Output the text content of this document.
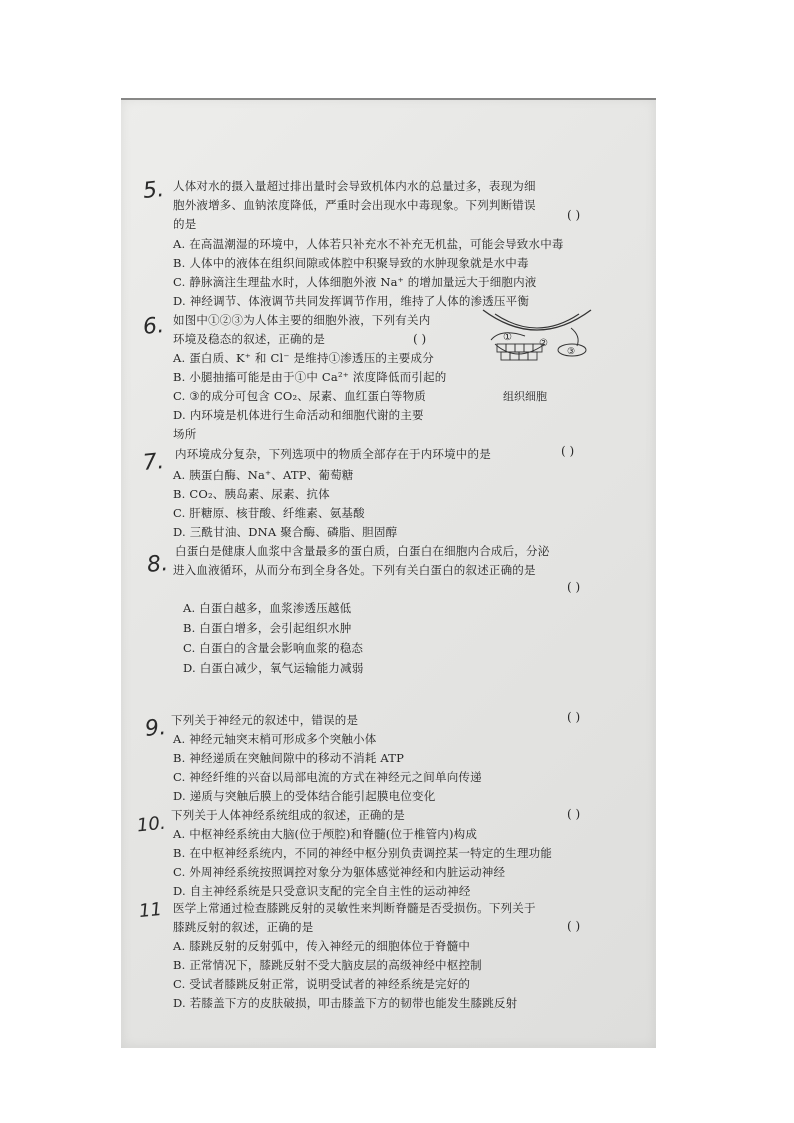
5. 人体对水的摄入量超过排出量时会导致机体内水的总量过多，表现为细
胞外液增多、血钠浓度降低，严重时会出现水中毒现象。下列判断错误
的是
( )
A. 在高温潮湿的环境中，人体若只补充水不补充无机盐，可能会导致水中毒
B. 人体中的液体在组织间隙或体腔中积聚导致的水肿现象就是水中毒
C. 静脉滴注生理盐水时，人体细胞外液 Na⁺ 的增加量远大于细胞内液
D. 神经调节、体液调节共同发挥调节作用，维持了人体的渗透压平衡
6. 如图中①②③为人体主要的细胞外液，下列有关内
环境及稳态的叙述，正确的是	( )
A. 蛋白质、K⁺ 和 Cl⁻ 是维持①渗透压的主要成分
B. 小腿抽搐可能是由于①中 Ca²⁺ 浓度降低而引起的
C. ③的成分可包含 CO₂、尿素、血红蛋白等物质
D. 内环境是机体进行生命活动和细胞代谢的主要
场所
①
②
③
组织细胞
7. 内环境成分复杂，下列选项中的物质全部存在于内环境中的是	( )
A. 胰蛋白酶、Na⁺、ATP、葡萄糖
B. CO₂、胰岛素、尿素、抗体
C. 肝糖原、核苷酸、纤维素、氨基酸
D. 三酰甘油、DNA 聚合酶、磷脂、胆固醇
8. 白蛋白是健康人血浆中含量最多的蛋白质，白蛋白在细胞内合成后，分泌
进入血液循环，从而分布到全身各处。下列有关白蛋白的叙述正确的是
( )
A. 白蛋白越多，血浆渗透压越低
B. 白蛋白增多，会引起组织水肿
C. 白蛋白的含量会影响血浆的稳态
D. 白蛋白减少，氧气运输能力减弱
9. 下列关于神经元的叙述中，错误的是	( )
A. 神经元轴突末梢可形成多个突触小体
B. 神经递质在突触间隙中的移动不消耗 ATP
C. 神经纤维的兴奋以局部电流的方式在神经元之间单向传递
D. 递质与突触后膜上的受体结合能引起膜电位变化
10. 下列关于人体神经系统组成的叙述，正确的是	( )
A. 中枢神经系统由大脑(位于颅腔)和脊髓(位于椎管内)构成
B. 在中枢神经系统内，不同的神经中枢分别负责调控某一特定的生理功能
C. 外周神经系统按照调控对象分为躯体感觉神经和内脏运动神经
D. 自主神经系统是只受意识支配的完全自主性的运动神经
11 医学上常通过检查膝跳反射的灵敏性来判断脊髓是否受损伤。下列关于
膝跳反射的叙述，正确的是	( )
A. 膝跳反射的反射弧中，传入神经元的细胞体位于脊髓中
B. 正常情况下，膝跳反射不受大脑皮层的高级神经中枢控制
C. 受试者膝跳反射正常，说明受试者的神经系统是完好的
D. 若膝盖下方的皮肤破损，叩击膝盖下方的韧带也能发生膝跳反射
